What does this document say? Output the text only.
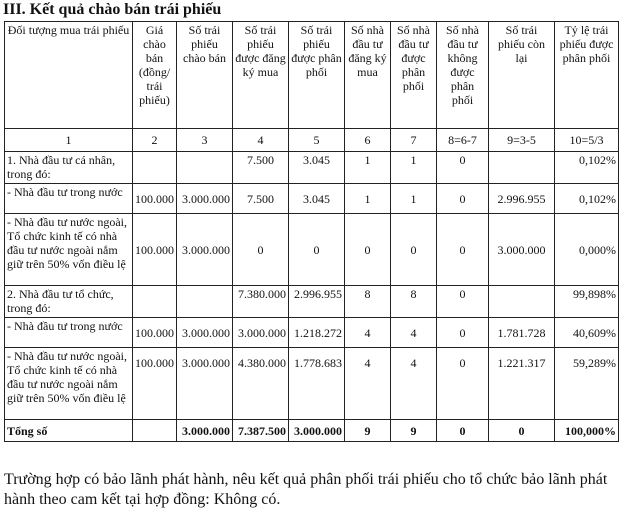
III. Kết quả chào bán trái phiếu
Đối tượng mua trái phiếu	Giá chào bán (đồng/ trái phiếu)	Số trái phiếu chào bán	Số trái phiếu được đăng ký mua	Số trái phiếu được phân phối	Số nhà đầu tư đăng ký mua	Số nhà đầu tư được phân phối	Số nhà đầu tư không được phân phối	Số trái phiếu còn lại	Tỷ lệ trái phiếu được phân phối
1	2	3	4	5	6	7	8=6-7	9=3-5	10=5/3
1. Nhà đầu tư cá nhân, trong đó:			7.500	3.045	1	1	0		0,102%
- Nhà đầu tư trong nước	100.000	3.000.000	7.500	3.045	1	1	0	2.996.955	0,102%
- Nhà đầu tư nước ngoài, Tổ chức kinh tế có nhà đầu tư nước ngoài nắm giữ trên 50% vốn điều lệ	100.000	3.000.000	0	0	0	0	0	3.000.000	0,000%
2. Nhà đầu tư tổ chức, trong đó:			7.380.000	2.996.955	8	8	0		99,898%
- Nhà đầu tư trong nước	100.000	3.000.000	3.000.000	1.218.272	4	4	0	1.781.728	40,609%
- Nhà đầu tư nước ngoài, Tổ chức kinh tế có nhà đầu tư nước ngoài nắm giữ trên 50% vốn điều lệ	100.000	3.000.000	4.380.000	1.778.683	4	4	0	1.221.317	59,289%
Tổng số		3.000.000	7.387.500	3.000.000	9	9	0	0	100,000%
Trường hợp có bảo lãnh phát hành, nêu kết quả phân phối trái phiếu cho tổ chức bảo lãnh phát hành theo cam kết tại hợp đồng: Không có.
